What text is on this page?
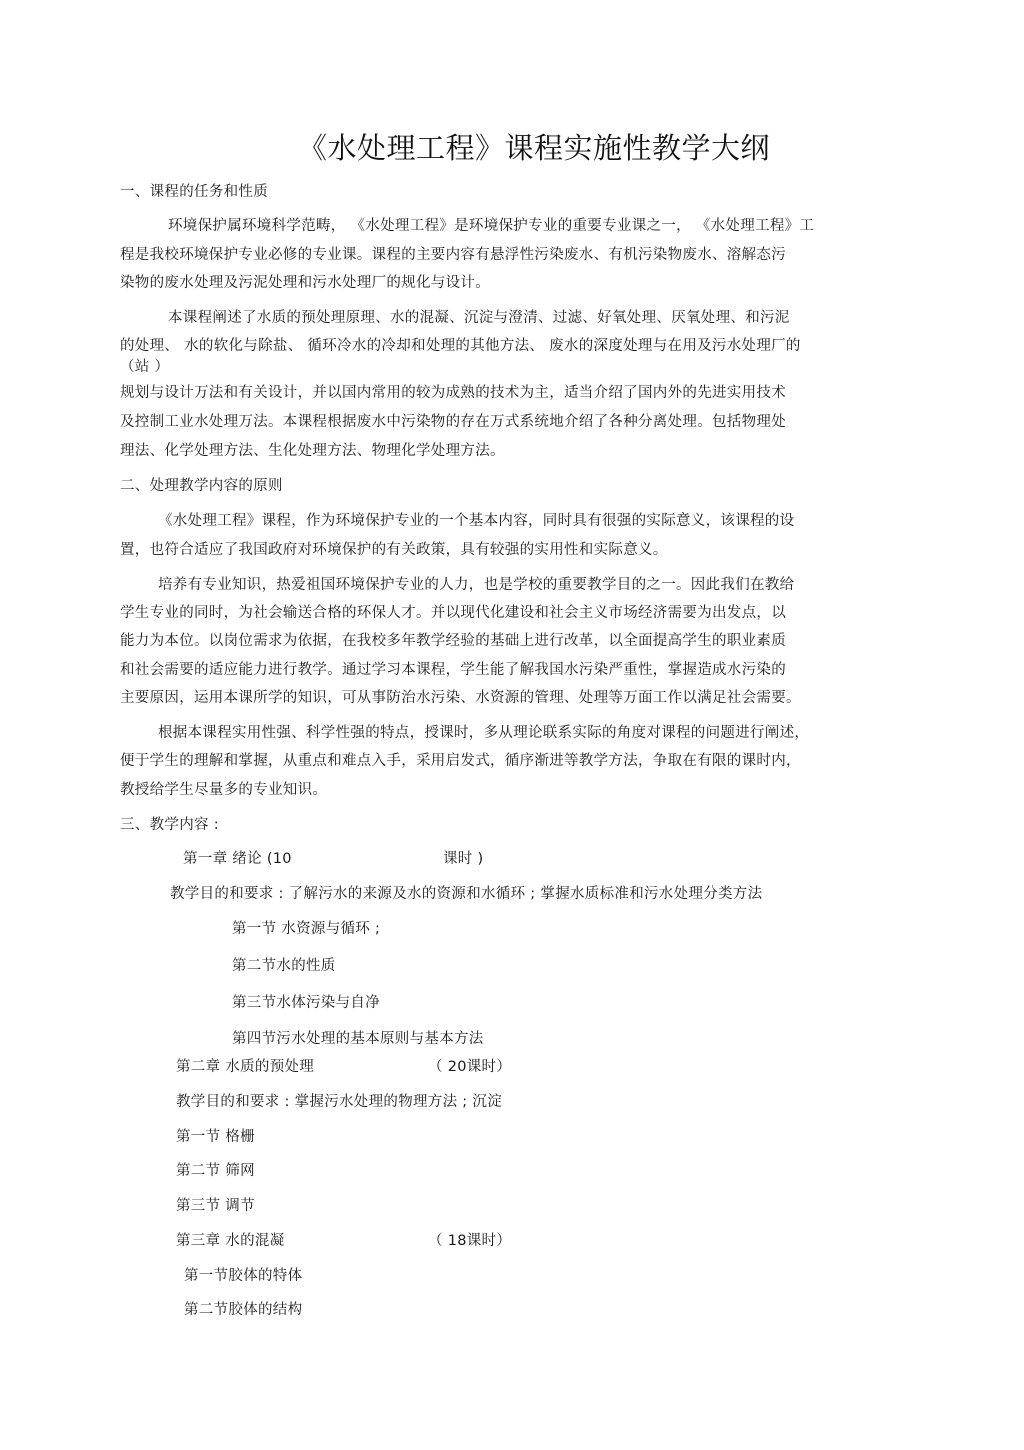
《水处理工程》课程实施性教学大纲
一、课程的任务和性质
环境保护属环境科学范畴， 《水处理工程》是环境保护专业的重要专业课之一， 《水处理工程》工
程是我校环境保护专业必修的专业课。课程的主要内容有悬浮性污染废水、有机污染物废水、溶解态污
染物的废水处理及污泥处理和污水处理厂的规化与设计。
本课程阐述了水质的预处理原理、水的混凝、沉淀与澄清、过滤、好氧处理、厌氧处理、和污泥
的处理、 水的软化与除盐、 循环冷水的冷却和处理的其他方法、 废水的深度处理与在用及污水处理厂的
（站 ）
规划与设计万法和有关设计，并以国内常用的较为成熟的技术为主，适当介绍了国内外的先进实用技术
及控制工业水处理万法。本课程根据废水中污染物的存在万式系统地介绍了各种分离处理。包括物理处
理法、化学处理方法、生化处理方法、物理化学处理方法。
二、处理教学内容的原则
《水处理工程》课程，作为环境保护专业的一个基本内容，同时具有很强的实际意义，该课程的设
置，也符合适应了我国政府对环境保护的有关政策，具有较强的实用性和实际意义。
培养有专业知识，热爱祖国环境保护专业的人力，也是学校的重要教学目的之一。因此我们在教给
学生专业的同时，为社会输送合格的环保人才。并以现代化建设和社会主义市场经济需要为出发点，以
能力为本位。以岗位需求为依据，在我校多年教学经验的基础上进行改革，以全面提高学生的职业素质
和社会需要的适应能力进行教学。通过学习本课程，学生能了解我国水污染严重性，掌握造成水污染的
主要原因，运用本课所学的知识，可从事防治水污染、水资源的管理、处理等万面工作以满足社会需要。
根据本课程实用性强、科学性强的特点，授课时，多从理论联系实际的角度对课程的问题进行阐述，
便于学生的理解和掌握，从重点和难点入手，采用启发式，循序渐进等教学方法，争取在有限的课时内，
教授给学生尽量多的专业知识。
三、教学内容 :
第一章 绪论 (10	课时 )
教学目的和要求 : 了解污水的来源及水的资源和水循环 ; 掌握水质标准和污水处理分类方法
第一节 水资源与循环 ;
第二节水的性质
第三节水体污染与自净
第四节污水处理的基本原则与基本方法
第二章 水质的预处理	（ 20课时）
教学目的和要求 : 掌握污水处理的物理方法 ; 沉淀
第一节 格栅
第二节 筛网
第三节 调节
第三章 水的混凝	（ 18课时）
第一节胶体的特体
第二节胶体的结构
